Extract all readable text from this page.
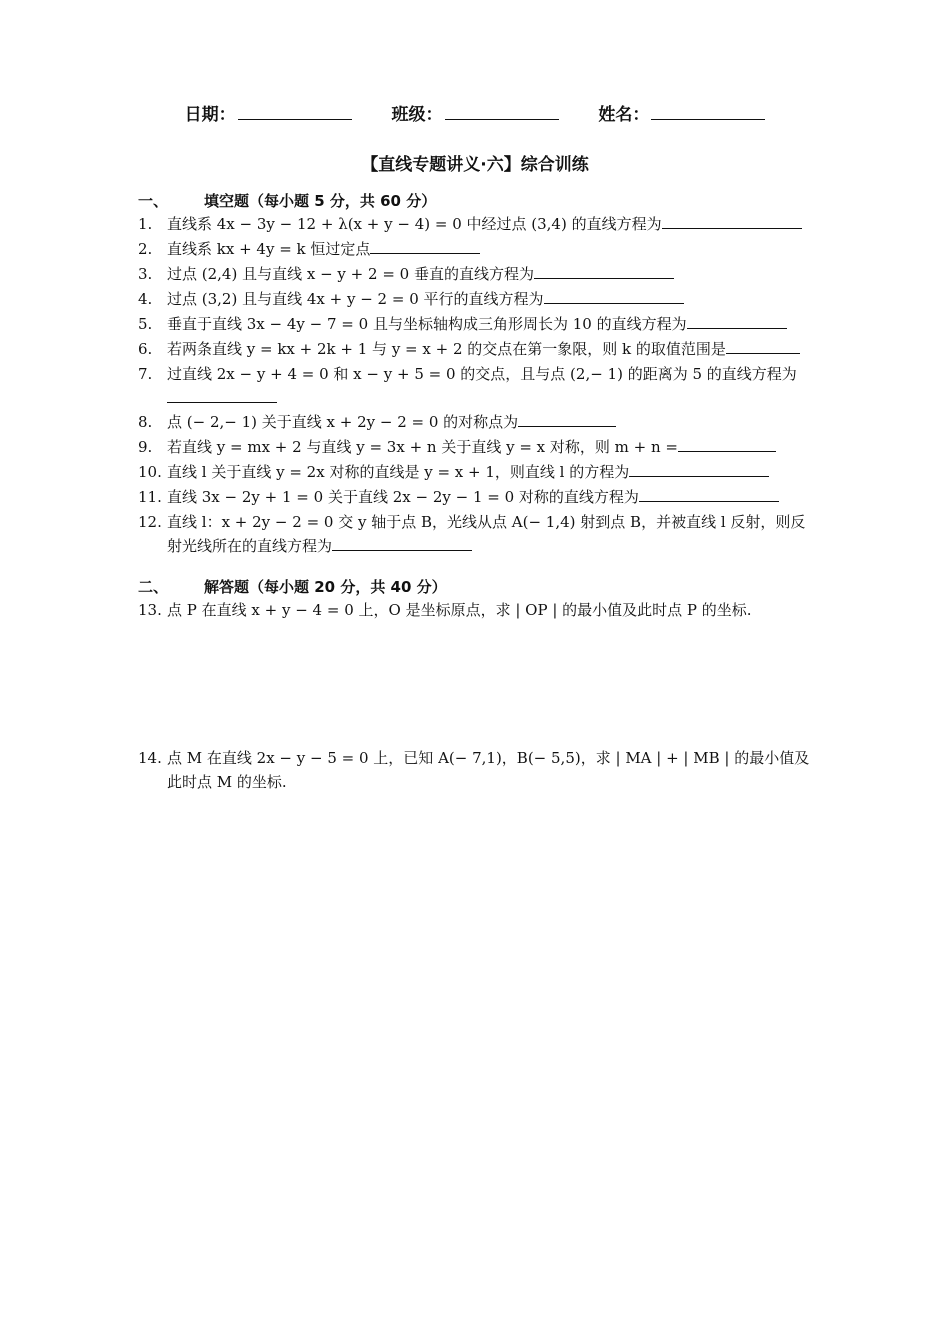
日期：	班级：	姓名：
【直线专题讲义·六】综合训练
一、 填空题（每小题 5 分，共 60 分）
1. 直线系 4x − 3y − 12 + λ(x + y − 4) = 0 中经过点 (3,4) 的直线方程为
2. 直线系 kx + 4y = k 恒过定点
3. 过点 (2,4) 且与直线 x − y + 2 = 0 垂直的直线方程为
4. 过点 (3,2) 且与直线 4x + y − 2 = 0 平行的直线方程为
5. 垂直于直线 3x − 4y − 7 = 0 且与坐标轴构成三角形周长为 10 的直线方程为
6. 若两条直线 y = kx + 2k + 1 与 y = x + 2 的交点在第一象限，则 k 的取值范围是
7. 过直线 2x − y + 4 = 0 和 x − y + 5 = 0 的交点，且与点 (2,− 1) 的距离为 5 的直线方程为
8. 点 (− 2,− 1) 关于直线 x + 2y − 2 = 0 的对称点为
9. 若直线 y = mx + 2 与直线 y = 3x + n 关于直线 y = x 对称，则 m + n =
10. 直线 l 关于直线 y = 2x 对称的直线是 y = x + 1，则直线 l 的方程为
11. 直线 3x − 2y + 1 = 0 关于直线 2x − 2y − 1 = 0 对称的直线方程为
12. 直线 l：x + 2y − 2 = 0 交 y 轴于点 B，光线从点 A(− 1,4) 射到点 B，并被直线 l 反射，则反射光线所在的直线方程为
二、 解答题（每小题 20 分，共 40 分）
13. 点 P 在直线 x + y − 4 = 0 上，O 是坐标原点，求 | OP | 的最小值及此时点 P 的坐标.
14. 点 M 在直线 2x − y − 5 = 0 上，已知 A(− 7,1)，B(− 5,5)，求 | MA | + | MB | 的最小值及此时点 M 的坐标.
